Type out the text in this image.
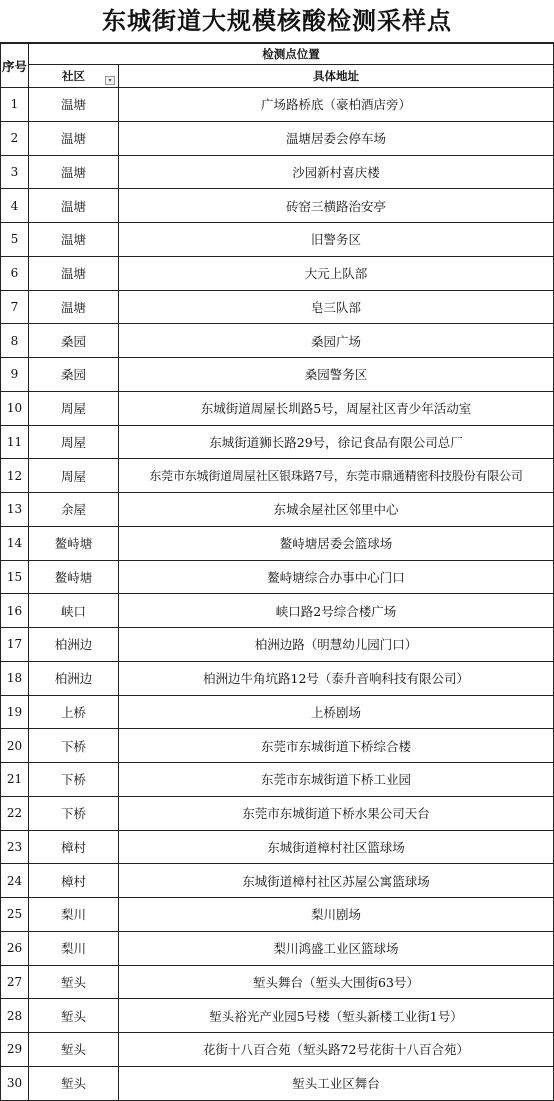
东城街道大规模核酸检测采样点
序号	检测点位置	
	社区 ▾	具体地址
1	温塘	广场路桥底（豪柏酒店旁）
2	温塘	温塘居委会停车场
3	温塘	沙园新村喜庆楼
4	温塘	砖窑三横路治安亭
5	温塘	旧警务区
6	温塘	大元上队部
7	温塘	皂三队部
8	桑园	桑园广场
9	桑园	桑园警务区
10	周屋	东城街道周屋长圳路5号，周屋社区青少年活动室
11	周屋	东城街道狮长路29号，徐记食品有限公司总厂
12	周屋	东莞市东城街道周屋社区银珠路7号，东莞市鼎通精密科技股份有限公司
13	余屋	东城余屋社区邻里中心
14	鳌峙塘	鳌峙塘居委会篮球场
15	鳌峙塘	鳌峙塘综合办事中心门口
16	峡口	峡口路2号综合楼广场
17	柏洲边	柏洲边路（明慧幼儿园门口）
18	柏洲边	柏洲边牛角坑路12号（泰升音响科技有限公司）
19	上桥	上桥剧场
20	下桥	东莞市东城街道下桥综合楼
21	下桥	东莞市东城街道下桥工业园
22	下桥	东莞市东城街道下桥水果公司天台
23	樟村	东城街道樟村社区篮球场
24	樟村	东城街道樟村社区苏屋公寓篮球场
25	梨川	梨川剧场
26	梨川	梨川鸿盛工业区篮球场
27	堑头	堑头舞台（堑头大围街63号）
28	堑头	堑头裕光产业园5号楼（堑头新楼工业街1号）
29	堑头	花街十八百合苑（堑头路72号花街十八百合苑）
30	堑头	堑头工业区舞台
